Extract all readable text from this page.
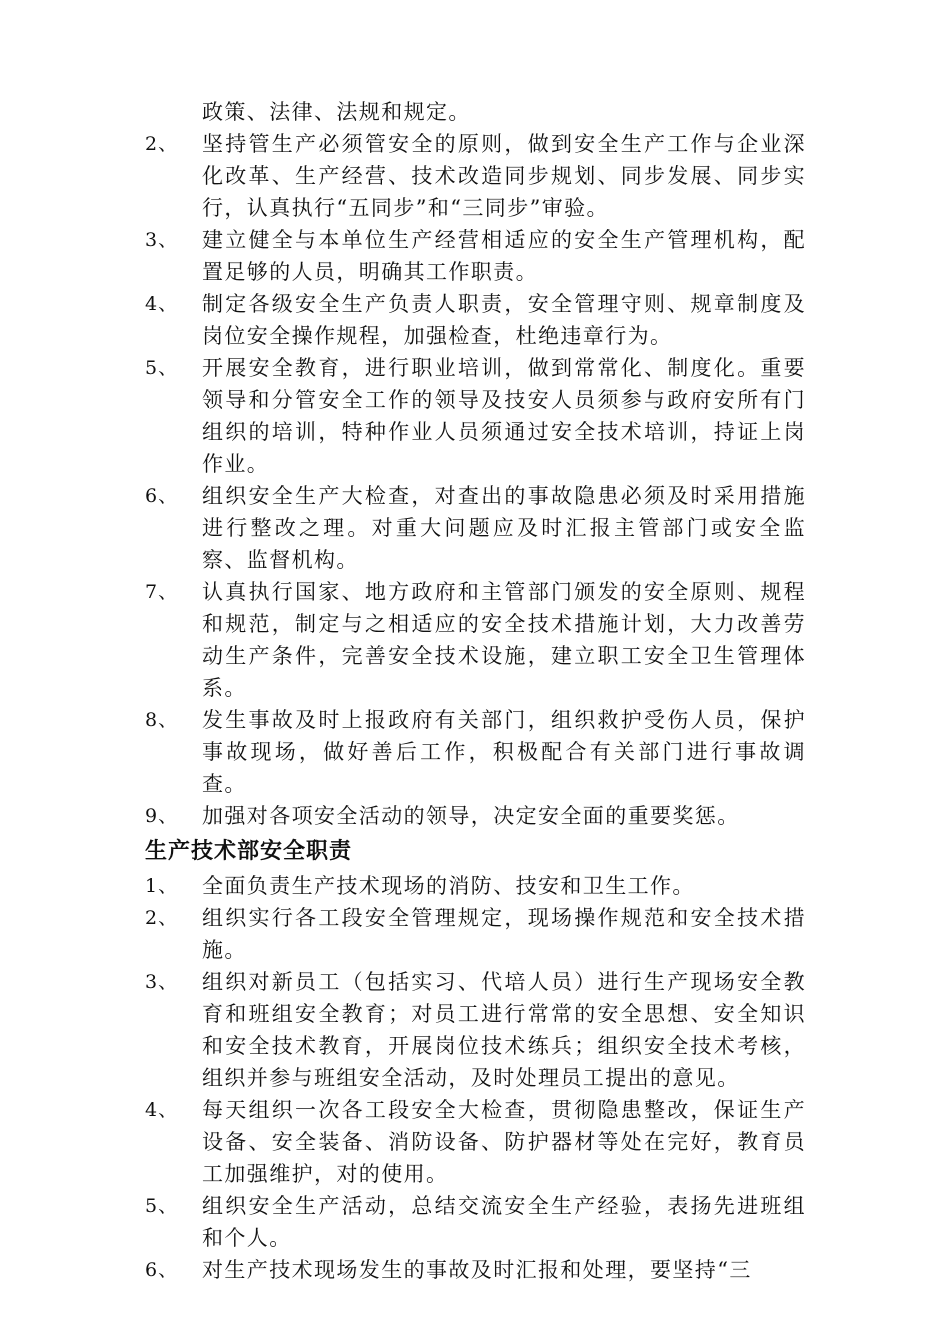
政策、法律、法规和规定。
2、	坚持管生产必须管安全的原则，做到安全生产工作与企业深化改革、生产经营、技术改造同步规划、同步发展、同步实行，认真执行“五同步”和“三同步”审验。
3、	建立健全与本单位生产经营相适应的安全生产管理机构，配置足够的人员，明确其工作职责。
4、	制定各级安全生产负责人职责，安全管理守则、规章制度及岗位安全操作规程，加强检查，杜绝违章行为。
5、	开展安全教育，进行职业培训，做到常常化、制度化。重要领导和分管安全工作的领导及技安人员须参与政府安所有门组织的培训，特种作业人员须通过安全技术培训，持证上岗作业。
6、	组织安全生产大检查，对查出的事故隐患必须及时采用措施进行整改之理。对重大问题应及时汇报主管部门或安全监察、监督机构。
7、	认真执行国家、地方政府和主管部门颁发的安全原则、规程和规范，制定与之相适应的安全技术措施计划，大力改善劳动生产条件，完善安全技术设施，建立职工安全卫生管理体系。
8、	发生事故及时上报政府有关部门，组织救护受伤人员，保护事故现场，做好善后工作，积极配合有关部门进行事故调查。
9、	加强对各项安全活动的领导，决定安全面的重要奖惩。
生产技术部安全职责
1、	全面负责生产技术现场的消防、技安和卫生工作。
2、	组织实行各工段安全管理规定，现场操作规范和安全技术措施。
3、	组织对新员工（包括实习、代培人员）进行生产现场安全教育和班组安全教育；对员工进行常常的安全思想、安全知识和安全技术教育，开展岗位技术练兵；组织安全技术考核，组织并参与班组安全活动，及时处理员工提出的意见。
4、	每天组织一次各工段安全大检查，贯彻隐患整改，保证生产设备、安全装备、消防设备、防护器材等处在完好，教育员工加强维护，对的使用。
5、	组织安全生产活动，总结交流安全生产经验，表扬先进班组和个人。
6、	对生产技术现场发生的事故及时汇报和处理，要坚持“三
